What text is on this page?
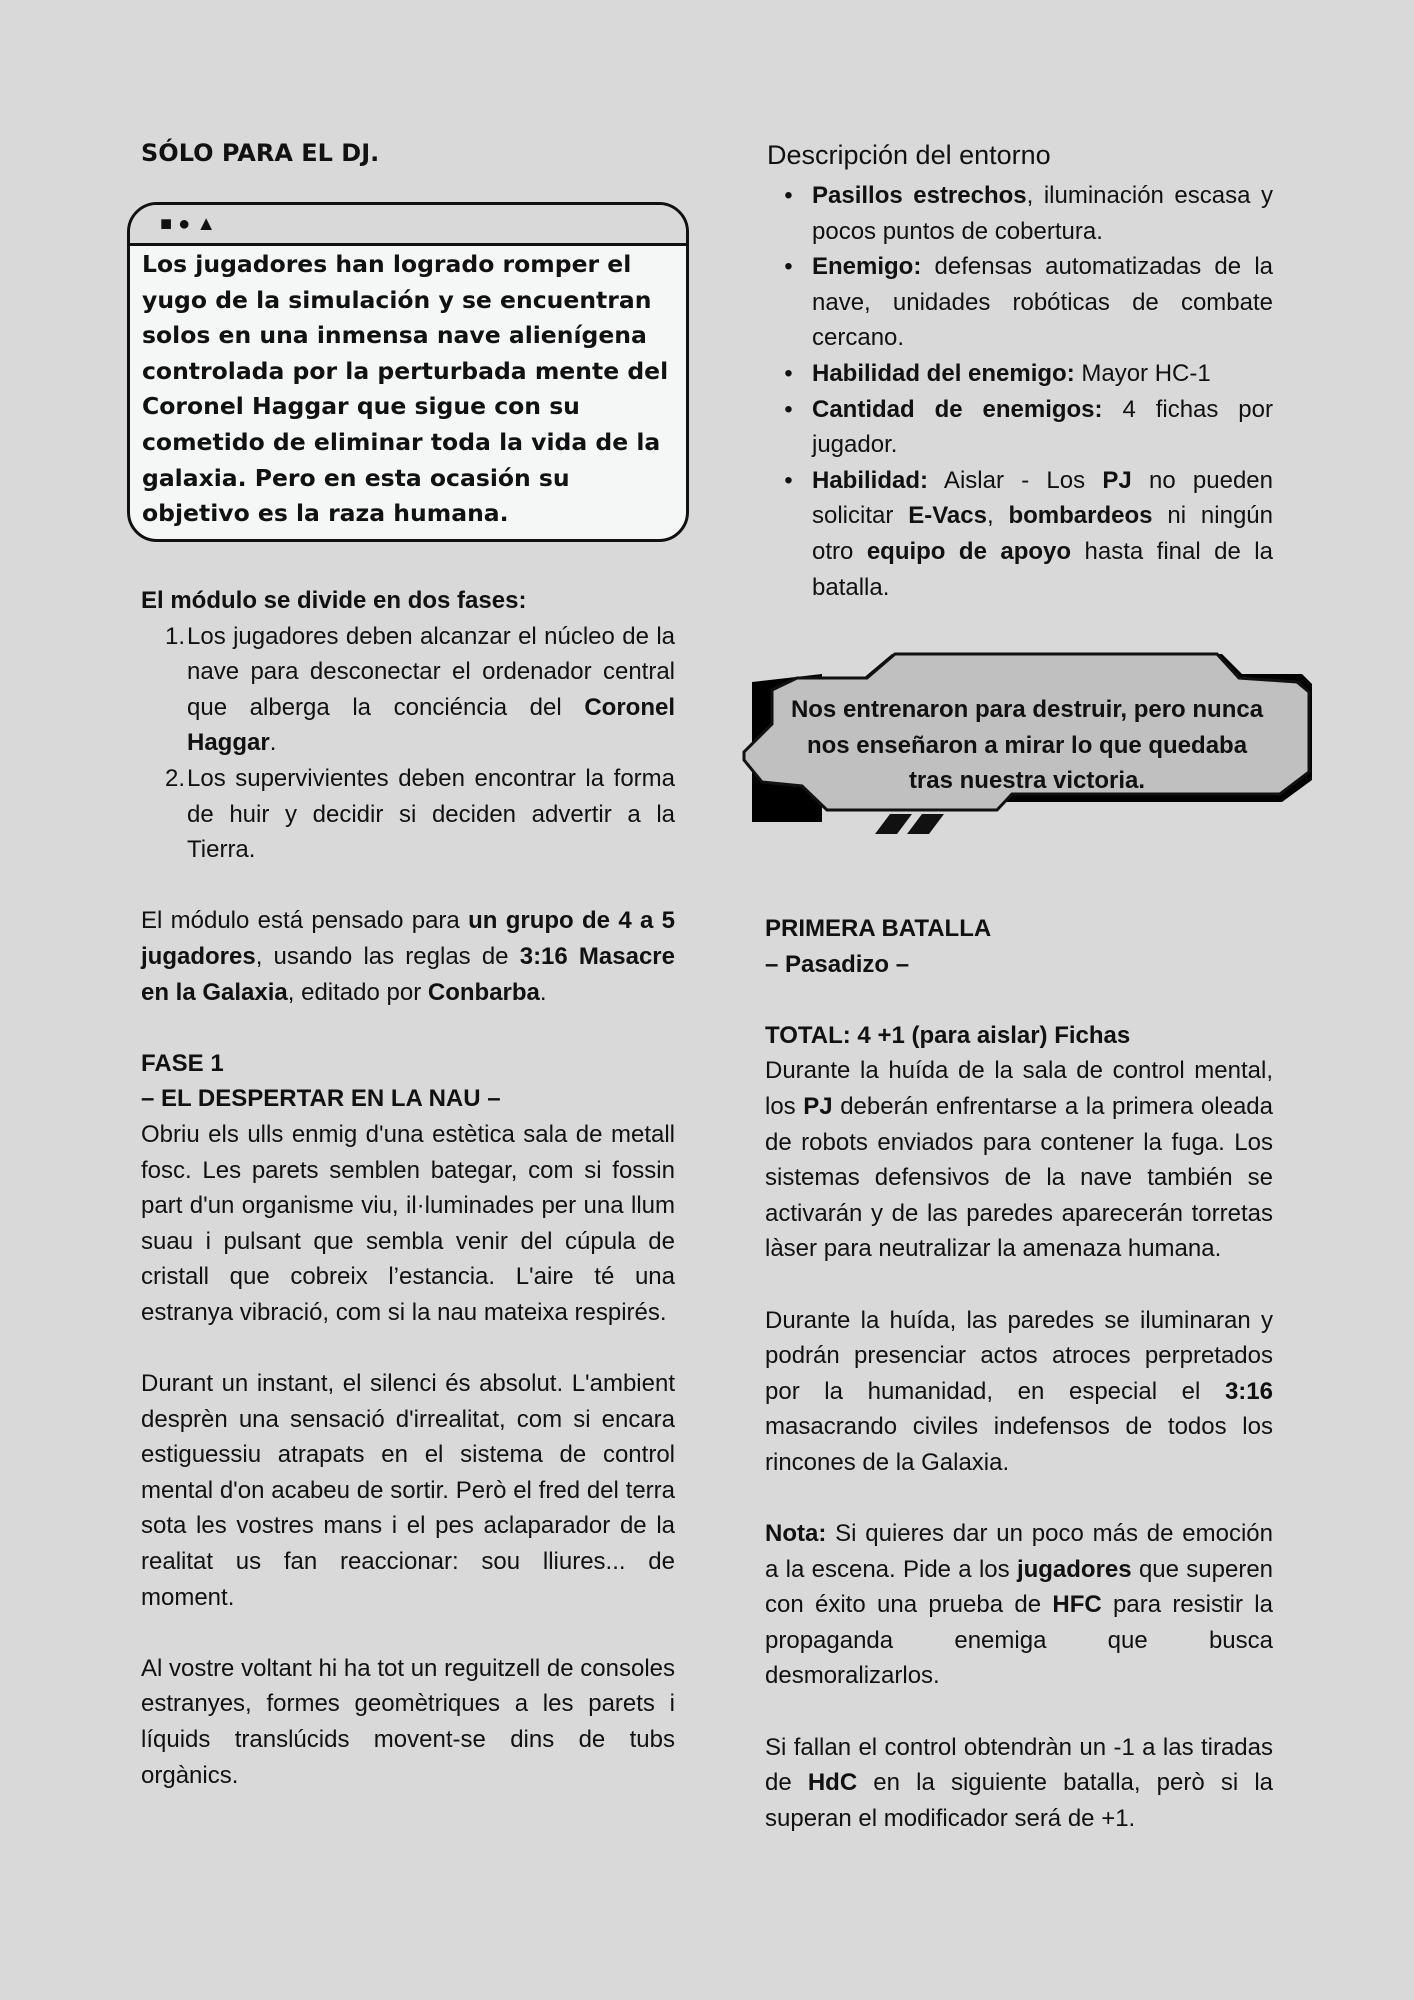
SÓLO PARA EL DJ.
■ ● ▲
Los jugadores han logrado romper el yugo de la simulación y se encuentran solos en una inmensa nave alienígena controlada por la perturbada mente del Coronel Haggar que sigue con su cometido de eliminar toda la vida de la galaxia. Pero en esta ocasión su objetivo es la raza humana.
El módulo se divide en dos fases:
1. Los jugadores deben alcanzar el núcleo de la nave para desconectar el ordenador central que alberga la conciéncia del Coronel Haggar.
2. Los supervivientes deben encontrar la forma de huir y decidir si deciden advertir a la Tierra.

El módulo está pensado para un grupo de 4 a 5 jugadores, usando las reglas de 3:16 Masacre en la Galaxia, editado por Conbarba.

FASE 1
– EL DESPERTAR EN LA NAU –

Obriu els ulls enmig d'una estètica sala de metall fosc. Les parets semblen bategar, com si fossin part d'un organisme viu, il·luminades per una llum suau i pulsant que sembla venir del cúpula de cristall que cobreix l’estancia. L'aire té una estranya vibració, com si la nau mateixa respirés.

Durant un instant, el silenci és absolut. L'ambient desprèn una sensació d'irrealitat, com si encara estiguessiu atrapats en el sistema de control mental d'on acabeu de sortir. Però el fred del terra sota les vostres mans i el pes aclaparador de la realitat us fan reaccionar: sou lliures... de moment.

Al vostre voltant hi ha tot un reguitzell de consoles estranyes, formes geomètriques a les parets i líquids translúcids movent-se dins de tubs orgànics.

Descripción del entorno
• Pasillos estrechos, iluminación escasa y pocos puntos de cobertura.
• Enemigo: defensas automatizadas de la nave, unidades robóticas de combate cercano.
• Habilidad del enemigo: Mayor HC-1
• Cantidad de enemigos: 4 fichas por jugador.
• Habilidad: Aislar - Los PJ no pueden solicitar E-Vacs, bombardeos ni ningún otro equipo de apoyo hasta final de la batalla.
Nos entrenaron para destruir, pero nunca nos enseñaron a mirar lo que quedaba tras nuestra victoria.
PRIMERA BATALLA
– Pasadizo –
TOTAL: 4 +1 (para aislar) Fichas

Durante la huída de la sala de control mental, los PJ deberán enfrentarse a la primera oleada de robots enviados para contener la fuga. Los sistemas defensivos de la nave también se activarán y de las paredes aparecerán torretas làser para neutralizar la amenaza humana.

Durante la huída, las paredes se iluminaran y podrán presenciar actos atroces perpretados por la humanidad, en especial el 3:16 masacrando civiles indefensos de todos los rincones de la Galaxia.

Nota: Si quieres dar un poco más de emoción a la escena. Pide a los jugadores que superen con éxito una prueba de HFC para resistir la propaganda enemiga que busca desmoralizarlos.

Si fallan el control obtendràn un -1 a las tiradas de HdC en la siguiente batalla, però si la superan el modificador será de +1.
